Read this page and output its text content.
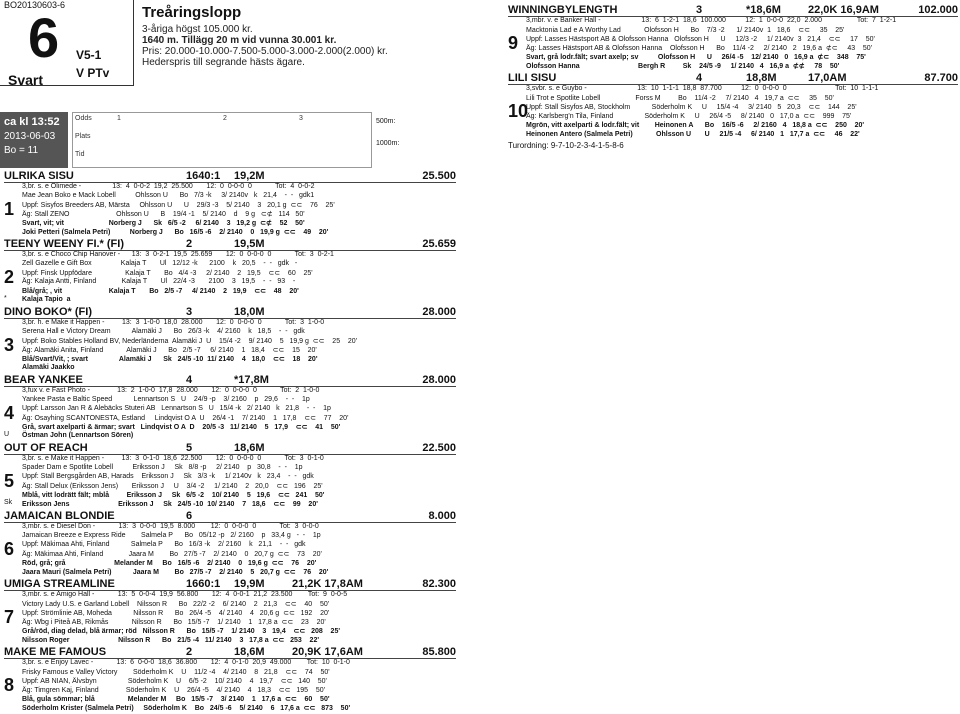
BO20130603-6
6
Svart
V5-1
V PTv
Treåringslopp
3-åriga högst 105.000 kr.
1640 m. Tillägg 20 m vid vunna 30.001 kr.
Pris: 20.000-10.000-7.500-5.000-3.000-2.000(2.000) kr.
Hederspris till segrande hästs ägare.
ca kl 13:52
2013-06-03
Bo = 11
Odds
Plats
Tid
1	2	3	500m:
1000m:
WINNINGBYLENGTH	3	*18,6M	22,0K 16,9AM	102.000
9
3,mbr. v. e Banker Hall -                     13:  6  1-2-1  18,6  100.000          12:  1  0-0-0  22,0  2.000                  Tot:  7  1-2-1
Macktonia Lad e A Worthy Lad            Olofsson H      Bo    7/3 -2      1/ 2140v  1   18,6    ⊂⊂     35    25'
Uppf: Lasses Hästsport AB & Olofsson Hanna   Olofsson H      U     12/3 -2     1/ 2140v  3   21,4    ⊂⊂     17    50'
Äg: Lasses Hästsport AB & Olofsson Hanna    Olofsson H      Bo    11/4 -2     2/ 2140   2   19,6 a  ⊄⊂     43    50'
Svart, grå lodr.fält; svart axelp; sv          Olofsson H      U     26/4 -5    12/ 2140   0   16,9 a  ⊄⊂    348    75'
Olofsson Hanna                              Bergh R         Sk    24/5 -9     1/ 2140   4   16,9 a  ⊄⊄     78    50'
LILI SISU	4	18,8M	17,0AM	87.700
10
3,svbr. s. e Guybo -                          13:  10  1-1-1  18,8  87.700          12:  0  0-0-0  0                         Tot:  10  1-1-1
Lili Trot e Spotlite Lobell                  Forss M         Bo    11/4 -2     7/ 2140   4   19,7 a  ⊂⊂     35    50'
Uppf: Stall Sisyfos AB, Stockholm           Söderholm K     U     15/4 -4     3/ 2140   5   20,3    ⊂⊂    144    25'
Äg: Karlsberg'n Tila, Finland                Söderholm K     U     26/4 -5     8/ 2140   0   17,0 a  ⊂⊂    999    75'
Mgrön, vitt axelparti & lodr.fält; vit        Heinonen A      Bo    16/5 -6     2/ 2160   4   18,8 a  ⊂⊂    250    20'
Heinonen Antero (Salmela Petri)            Ohlsson U       U     21/5 -4     6/ 2140   1   17,7 a  ⊂⊂     46    22'
Turordning: 9-7-10-2-3-4-1-5-8-6
ULRIKA SISU	1640:1	19,2M	25.500
1
3,br. s. e Olimede -                13:  4  0-0-2  19,2  25.500       12:  0  0-0-0  0            Tot:  4  0-0-2
Mae Jean Boko e Mack Lobell          Ohlsson U      Bo   7/3 -k     3/ 2140v   k   21,4    -  -   gdk1
Uppf: Sisyfos Breeders AB, Märsta     Ohlsson U      U    29/3 -3    5/ 2140    3   20,1 g  ⊂⊂    76    25'
Äg: Stall ZENO                        Ohlsson U      B    19/4 -1    5/ 2140    d    9 g   ⊂⊄   114   50'
Svart, vit; vit                       Norberg J      Sk   6/5 -2     6/ 2140    3   19,2 g  ⊂⊄    52    50'
Joki Petteri (Salmela Petri)          Norberg J      Bo   16/5 -6    2/ 2140    0   19,9 g  ⊂⊂    49    20'
TEENY WEENY FI.* (FI)	2	19,5M	25.659
2
*
3,br. s. e Choco Chip Hanover -      13:  3  0-2-1  19,5  25.659       12:  0  0-0-0  0            Tot:  3  0-2-1
Zell Gazelle e Gift Box               Kalaja T       Ul   12/12 -k      2100    k   20,5    -  -   gdk   -
Uppf: Finsk Uppfödare                 Kalaja T       Bo   4/4 -3     2/ 2140    2   19,5    ⊂⊂    60    25'
Äg: Kalaja Antti, Finland             Kalaja T       Ul   22/4 -3       2100    3   19,5    -  -   93    -
Blå/grå; , vit                        Kalaja T       Bo   2/5 -7     4/ 2140    2   19,9    ⊂⊂    48    20'
Kalaja Tapio  a
DINO BOKO* (FI)	3	18,0M	28.000
3
3,br. h. e Make it Happen -         13:  3  1-0-0  18,0  28.000       12:  0  0-0-0  0            Tot:  3  1-0-0
Serena Hall e Victory Dream           Alamäki J      Bo   26/3 -k    4/ 2160    k   18,5    -  -   gdk
Uppf: Boko Stables Holland BV, Nederländerna  Alamäki J  U    15/4 -2    9/ 2140    5   19,9 g  ⊂⊂    25    20'
Äg: Alamäki Anita, Finland            Alamäki J      Bo   2/5 -7     6/ 2140    1   18,4    ⊂⊂    15    20'
Blå/Svart/Vit, ; svart                Alamäki J      Sk   24/5 -10  11/ 2140    4   18,0    ⊂⊂    18    20'
Alamäki Jaakko
BEAR YANKEE	4	*17,8M	28.000
4
U
3,fux v. e Fast Photo -              13:  2  1-0-0  17,8  28.000       12:  0  0-0-0  0            Tot:  2  1-0-0
Yankee Pasta e Baltic Speed           Lennartson S   U    24/9 -p    3/ 2160    p   29,6    -  -    1p
Uppf: Larsson Jan R & Alebäcks Stuteri AB   Lennartson S   U   15/4 -k   2/ 2140   k   21,8    -  -    1p
Äg: Osayhing SCANTONESTA, Estland     Lindqvist O A  U    26/4 -1    7/ 2140    1   17,8    ⊂⊂    77    20'
Grå, svart axelparti & ärmar; svart   Lindqvist O A  D    20/5 -3   11/ 2140    5   17,9    ⊂⊂    41    50'
Östman John (Lennartson Sören)
OUT OF REACH	5	18,6M	22.500
5
Sk
3,br. s. e Make it Happen -         13:  3  0-1-0  18,6  22.500       12:  0  0-0-0  0            Tot:  3  0-1-0
Spader Dam e Spotlite Lobell          Eriksson J     Sk   8/8 -p     2/ 2140    p   30,8    -  -    1p
Uppf: Stall Bergsgården AB, Harads    Eriksson J     Sk   3/3 -k     1/ 2140v   k   23,4    -  -   gdk
Äg: Stall Delux (Eriksson Jens)       Eriksson J     U    3/4 -2     1/ 2140    2   20,0    ⊂⊂   196    25'
Mblå, vitt lodrätt fält; mblå         Eriksson J     Sk   6/5 -2    10/ 2140    5   19,6    ⊂⊂   241    50'
Eriksson Jens                         Eriksson J     Sk   24/5 -10  10/ 2140    7   18,6    ⊂⊂    99    20'
JAMAICAN BLONDIE	6	8.000
6
3,mbr. s. e Diesel Don -            13:  3  0-0-0  19,5  8.000        12:  0  0-0-0  0            Tot:  3  0-0-0
Jamaican Breeze e Express Ride        Salmela P      Bo   05/12 -p   2/ 2160    p   33,4 g   -  -    1p
Uppf: Mäkimaa Ahti, Finland           Salmela P      Bo   16/3 -k    2/ 2160    k   21,1    -  -   gdk
Äg: Mäkimaa Ahti, Finland             Jaara M        Bo   27/5 -7    2/ 2140    0   20,7 g  ⊂⊂    73    20'
Röd, grå; grå                         Melander M     Bo   16/5 -6    2/ 2140    0   19,6 g  ⊂⊂    76    20'
Jaara Mauri (Salmela Petri)           Jaara M        Bo   27/5 -7    2/ 2140    5   20,7 g  ⊂⊂    76    20'
UMIGA STREAMLINE	1660:1	19,9M	21,2K 17,8AM	82.300
7
3,mbr. s. e Amigo Hall -            13:  5  0-0-4  19,9  56.800       12:  4  0-0-1  21,2  23.500        Tot:  9  0-0-5
Victory Lady U.S. e Garland Lobell    Nilsson R      Bo   22/2 -2    6/ 2140    2   21,3    ⊂⊂    40    50'
Uppf: Strömlinie AB, Moheda           Nilsson R      Bo   26/4 -5    4/ 2140    4   20,6 g  ⊂⊂   192    20'
Äg: Wbg i Piteå AB, Rikmås            Nilsson R      Bo   15/5 -7    1/ 2140    1   17,8 a  ⊂⊂    23    20'
Grå/röd, diag delad, blå ärmar; röd   Nilsson R      Bo   15/5 -7    1/ 2140    3   19,4    ⊂⊂   208    25'
Nilsson Roger                         Nilsson R      Bo   21/5 -4   11/ 2140    3   17,8 a  ⊂⊂   253    22'
MAKE ME FAMOUS	2	18,6M	20,9K 17,6AM	85.800
8
3,br. s. e Enjoy Lavec -            13:  6  0-0-0  18,6  36.800       12:  4  0-1-0  20,9  49.000        Tot:  10  0-1-0
Frisky Famous e Valley Victory        Söderholm K    U    11/2 -4    4/ 2140    8   21,8    ⊂⊂    74    50'
Uppf: AB NIAN, Älvsbyn                Söderholm K    U    6/5 -2    10/ 2140    4   19,7    ⊂⊂   140    50'
Äg: Timgren Kaj, Finland              Söderholm K    U    26/4 -5    4/ 2140    4   18,3    ⊂⊂   195    50'
Blå, gula sömmar; blå                 Melander M     Bo   15/5 -7    3/ 2140    1   17,6 a  ⊂⊂    60    50'
Söderholm Krister (Salmela Petri)     Söderholm K    Bo   24/5 -6    5/ 2140    6   17,6 a  ⊂⊂   873    50'
